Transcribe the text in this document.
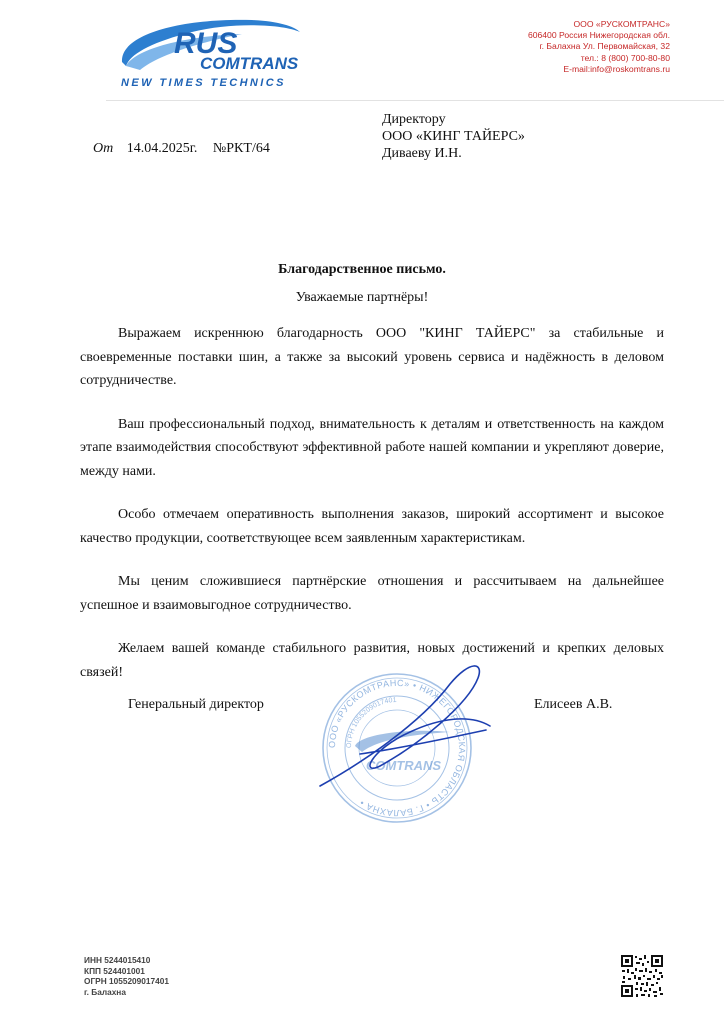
RUS
COMTRANS
NEW TIMES TECHNICS
ООО «РУСКОМТРАНС»
606400 Россия Нижегородская обл.
г. Балахна Ул. Первомайская, 32
тел.: 8 (800) 700-80-80
E-mail:info@roskomtrans.ru
Директору
ООО «КИНГ ТАЙЕРС»
Диваеву И.Н.
От 14.04.2025г. №РКТ/64
Благодарственное письмо.
Уважаемые партнёры!

Выражаем искреннюю благодарность ООО "КИНГ ТАЙЕРС" за стабильные и своевременные поставки шин, а также за высокий уровень сервиса и надёжность в деловом сотрудничестве.

Ваш профессиональный подход, внимательность к деталям и ответственность на каждом этапе взаимодействия способствуют эффективной работе нашей компании и укрепляют доверие, между нами.

Особо отмечаем оперативность выполнения заказов, широкий ассортимент и высокое качество продукции, соответствующее всем заявленным характеристикам.

Мы ценим сложившиеся партнёрские отношения и рассчитываем на дальнейшее успешное и взаимовыгодное сотрудничество.

Желаем вашей команде стабильного развития, новых достижений и крепких деловых связей!

ООО «РУСКОМТРАНС» • НИЖЕГОРОДСКАЯ ОБЛАСТЬ • Г. БАЛАХНА •
ОГРН 1055209017401
COMTRANS
Генеральный директор	Елисеев А.В.
ИНН 5244015410
КПП 524401001
ОГРН 1055209017401
г. Балахна
